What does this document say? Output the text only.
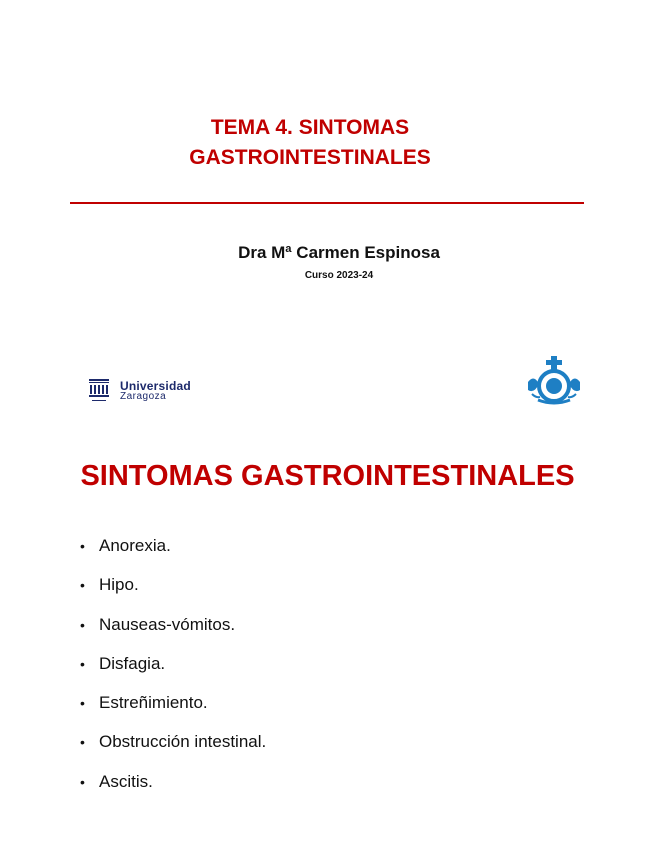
TEMA 4. SINTOMAS
GASTROINTESTINALES
Dra Mª Carmen Espinosa
Curso 2023-24
Universidad
Zaragoza
SINTOMAS GASTROINTESTINALES
• Anorexia.
• Hipo.
• Nauseas-vómitos.
• Disfagia.
• Estreñimiento.
• Obstrucción intestinal.
• Ascitis.
